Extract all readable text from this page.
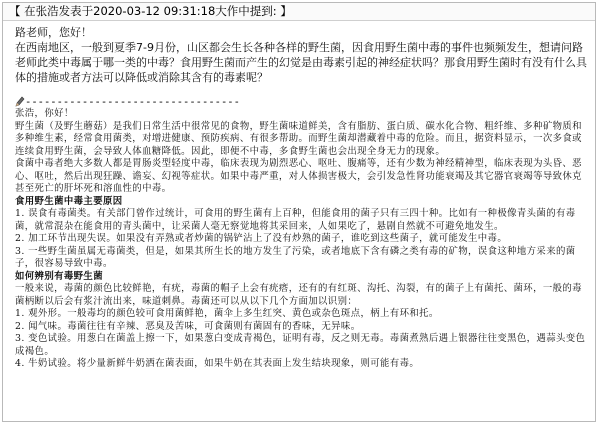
【 在张浩发表于2020-03-12 09:31:18大作中提到: 】

路老师，您好！

在西南地区，一般到夏季7-9月份，山区都会生长各种各样的野生菌，因食用野生菌中毒的事件也频频发生，想请问路老师此类中毒属于哪一类的中毒？食用野生菌而产生的幻觉是由毒素引起的神经症状吗？那食用野生菌时有没有什么具体的措施或者方法可以降低或消除其含有的毒素呢？

----------------------------------

张浩，你好！

野生菌（及野生蘑菇）是我们日常生活中很常见的食物，野生菌味道鲜美，含有脂肪、蛋白质、碳水化合物、粗纤维、多种矿物质和多种维生素，经常食用菌类，对增进健康、预防疾病、有很多帮助。而野生菌却潜藏着中毒的危险。而且，据资料显示，一次多食或连续食用野生菌，会导致人体血糖降低。因此，即便不中毒，多食野生菌也会出现全身无力的现象。

食菌中毒者绝大多数人都是胃肠炎型轻度中毒，临床表现为剧烈恶心、呕吐、腹痛等，还有少数为神经精神型，临床表现为头昏、恶心、呕吐，然后出现狂躁、谵妄、幻视等症状。如果中毒严重，对人体损害极大，会引发急性肾功能衰竭及其它器官衰竭等导致休克甚至死亡的肝坏死和溶血性的中毒。

食用野生菌中毒主要原因

1. 误食有毒菌类。有关部门曾作过统计，可食用的野生菌有上百种，但能食用的菌子只有三四十种。比如有一种极像青头菌的有毒菌，就常混杂在能食用的青头菌中，让采菌人毫无察觉地将其采回来，人如果吃了，悬剧自然就不可避免地发生。

2. 加工环节出现失误。如果没有弄熟或者炒菌的锅铲沾上了没有炒熟的菌子，谁吃到这些菌子，就可能发生中毒。

3. 一些野生菌虽属无毒菌类，但是，如果其所生长的地方发生了污染，或者地底下含有磷之类有毒的矿物，误食这种地方采来的菌子，很容易导致中毒。

如何辨别有毒野生菌

一般来说，毒菌的颜色比较鲜艳，有疣，毒菌的帽子上会有疣瘩，还有的有红斑、沟托、沟裂，有的菌子上有菌托、菌环，一般的毒菌柄断以后会有浆汁流出来，味道刺鼻。毒菌还可以从以下几个方面加以识别：

1. 观外形。一般毒均的颜色较可食用菌鲜艳，菌伞上多生红突、黄色或杂色斑点，柄上有环和托。

2. 闻气味。毒菌往往有辛辣、恶臭及苦味，可食菌则有菌固有的香味，无异味。

3. 变色试验。用葱白在菌盖上擦一下，如果葱白变成青褐色，证明有毒，反之则无毒。毒菌煮熟后遇上银器往往变黑色，遇蒜头变色成褐色。

4. 牛奶试验。将少量新鲜牛奶洒在菌表面，如果牛奶在其表面上发生结块现象，则可能有毒。
